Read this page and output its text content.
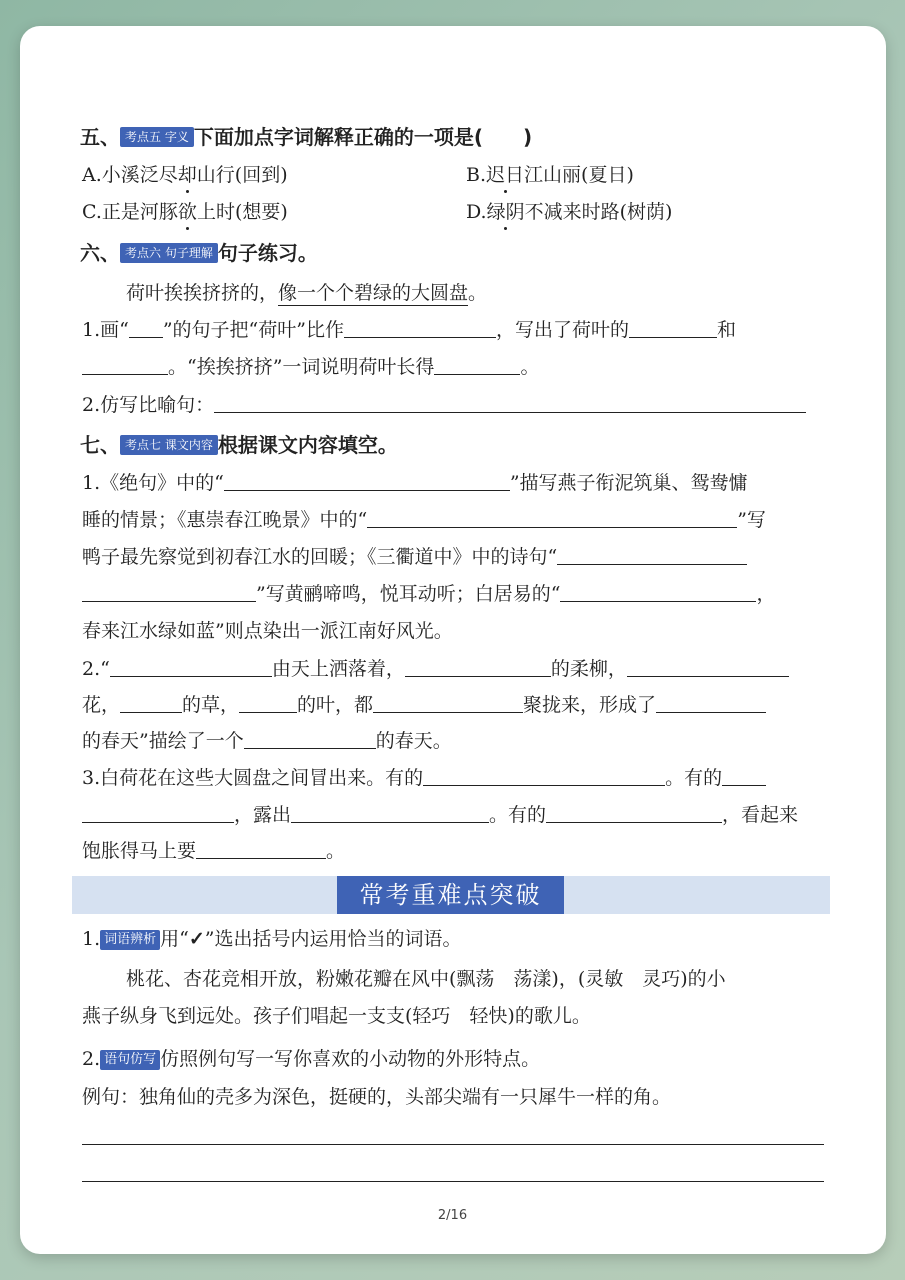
五、 考点五 字义 下面加点字词解释正确的一项是(　　)
A.小溪泛尽却山行(回到)	B.迟日江山丽(夏日)
C.正是河豚欲上时(想要)	D.绿阴不减来时路(树荫)
六、 考点六 句子理解 句子练习。
荷叶挨挨挤挤的，像一个个碧绿的大圆盘。
1.画“ ”的句子把“荷叶”比作	，写出了荷叶的	和
。“挨挨挤挤”一词说明荷叶长得	。
2.仿写比喻句：
七、 考点七 课文内容 根据课文内容填空。
1.《绝句》中的“	”描写燕子衔泥筑巢、鸳鸯慵
睡的情景；《惠崇春江晚景》中的“	”写
鸭子最先察觉到初春江水的回暖；《三衢道中》中的诗句“
”写黄鹂啼鸣，悦耳动听；白居易的“	，
春来江水绿如蓝”则点染出一派江南好风光。
2.“	由天上洒落着，	的柔柳，
花，	的草，	的叶，都	聚拢来，形成了
的春天”描绘了一个	的春天。
3.白荷花在这些大圆盘之间冒出来。有的	。有的
，露出	。有的	，看起来
饱胀得马上要	。
常考重难点突破
1. 词语辨析 用“✓”选出括号内运用恰当的词语。
桃花、杏花竞相开放，粉嫩花瓣在风中(飘荡　荡漾)，(灵敏　灵巧)的小
燕子纵身飞到远处。孩子们唱起一支支(轻巧　轻快)的歌儿。
2. 语句仿写 仿照例句写一写你喜欢的小动物的外形特点。
例句：独角仙的壳多为深色，挺硬的，头部尖端有一只犀牛一样的角。
2/16
